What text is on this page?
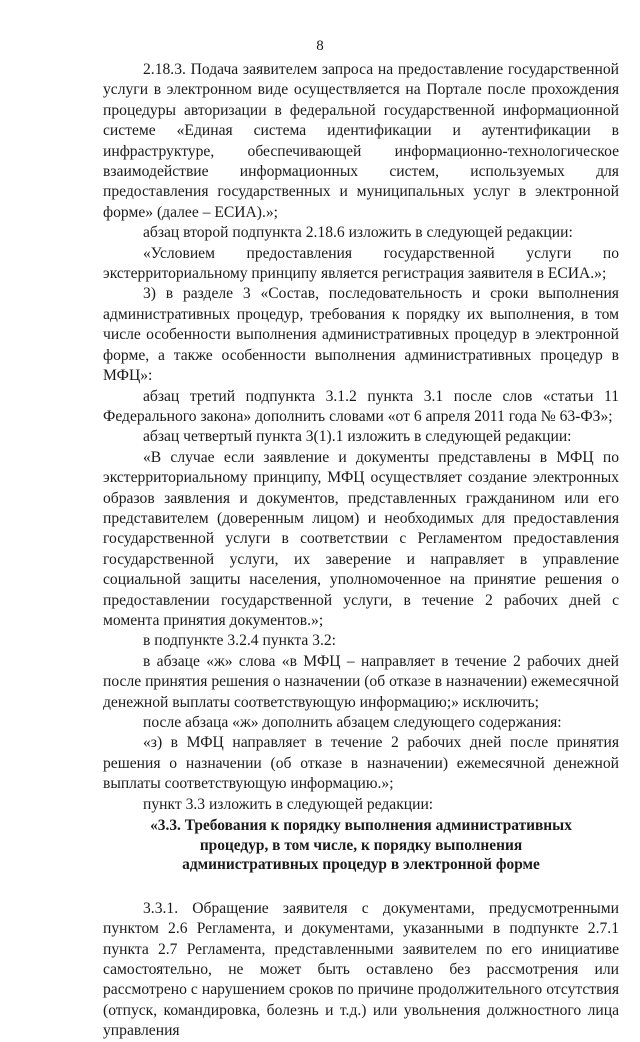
8

2.18.3. Подача заявителем запроса на предоставление государственной услуги в электронном виде осуществляется на Портале после прохождения процедуры авторизации в федеральной государственной информационной системе «Единая система идентификации и аутентификации в инфраструктуре, обеспечивающей информационно-технологическое взаимодействие информационных систем, используемых для предоставления государственных и муниципальных услуг в электронной форме» (далее – ЕСИА).»;

абзац второй подпункта 2.18.6 изложить в следующей редакции:

«Условием предоставления государственной услуги по экстерриториальному принципу является регистрация заявителя в ЕСИА.»;

3) в разделе 3 «Состав, последовательность и сроки выполнения административных процедур, требования к порядку их выполнения, в том числе особенности выполнения административных процедур в электронной форме, а также особенности выполнения административных процедур в МФЦ»:

абзац третий подпункта 3.1.2 пункта 3.1 после слов «статьи 11 Федерального закона» дополнить словами «от 6 апреля 2011 года № 63-ФЗ»;

абзац четвертый пункта 3(1).1 изложить в следующей редакции:

«В случае если заявление и документы представлены в МФЦ по экстерриториальному принципу, МФЦ осуществляет создание электронных образов заявления и документов, представленных гражданином или его представителем (доверенным лицом) и необходимых для предоставления государственной услуги в соответствии с Регламентом предоставления государственной услуги, их заверение и направляет в управление социальной защиты населения, уполномоченное на принятие решения о предоставлении государственной услуги, в течение 2 рабочих дней с момента принятия документов.»;

в подпункте 3.2.4 пункта 3.2:

в абзаце «ж» слова «в МФЦ – направляет в течение 2 рабочих дней после принятия решения о назначении (об отказе в назначении) ежемесячной денежной выплаты соответствующую информацию;» исключить;

после абзаца «ж» дополнить абзацем следующего содержания:

«з) в МФЦ направляет в течение 2 рабочих дней после принятия решения о назначении (об отказе в назначении) ежемесячной денежной выплаты соответствующую информацию.»;

пункт 3.3 изложить в следующей редакции:

«3.3. Требования к порядку выполнения административных процедур, в том числе, к порядку выполнения административных процедур в электронной форме

3.3.1. Обращение заявителя с документами, предусмотренными пунктом 2.6 Регламента, и документами, указанными в подпункте 2.7.1 пункта 2.7 Регламента, представленными заявителем по его инициативе самостоятельно, не может быть оставлено без рассмотрения или рассмотрено с нарушением сроков по причине продолжительного отсутствия (отпуск, командировка, болезнь и т.д.) или увольнения должностного лица управления
